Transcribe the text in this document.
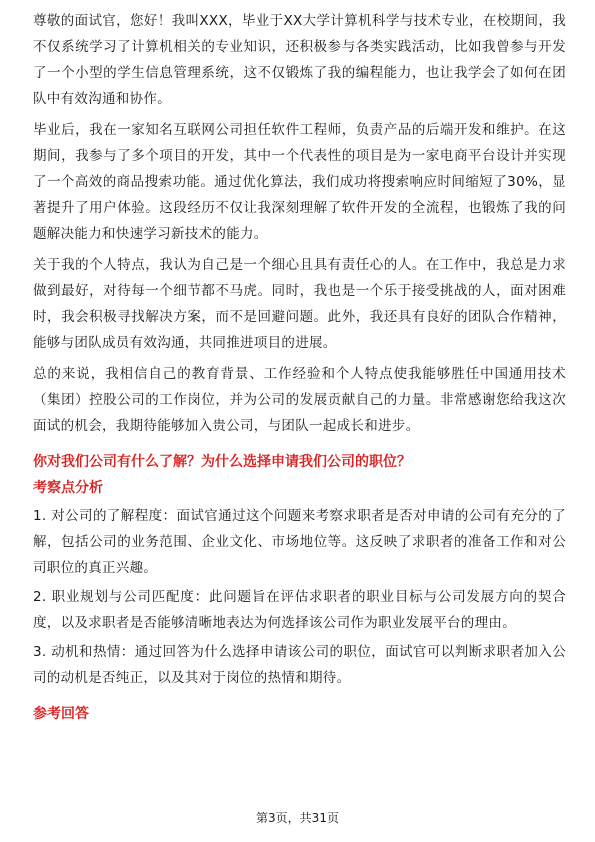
尊敬的面试官，您好！我叫XXX，毕业于XX大学计算机科学与技术专业，在校期间，我不仅系统学习了计算机相关的专业知识，还积极参与各类实践活动，比如我曾参与开发了一个小型的学生信息管理系统，这不仅锻炼了我的编程能力，也让我学会了如何在团队中有效沟通和协作。

毕业后，我在一家知名互联网公司担任软件工程师，负责产品的后端开发和维护。在这期间，我参与了多个项目的开发，其中一个代表性的项目是为一家电商平台设计并实现了一个高效的商品搜索功能。通过优化算法，我们成功将搜索响应时间缩短了30%，显著提升了用户体验。这段经历不仅让我深刻理解了软件开发的全流程，也锻炼了我的问题解决能力和快速学习新技术的能力。

关于我的个人特点，我认为自己是一个细心且具有责任心的人。在工作中，我总是力求做到最好，对待每一个细节都不马虎。同时，我也是一个乐于接受挑战的人，面对困难时，我会积极寻找解决方案，而不是回避问题。此外，我还具有良好的团队合作精神，能够与团队成员有效沟通，共同推进项目的进展。

总的来说，我相信自己的教育背景、工作经验和个人特点使我能够胜任中国通用技术（集团）控股公司的工作岗位，并为公司的发展贡献自己的力量。非常感谢您给我这次面试的机会，我期待能够加入贵公司，与团队一起成长和进步。

你对我们公司有什么了解？为什么选择申请我们公司的职位？
考察点分析

1. 对公司的了解程度：面试官通过这个问题来考察求职者是否对申请的公司有充分的了解，包括公司的业务范围、企业文化、市场地位等。这反映了求职者的准备工作和对公司职位的真正兴趣。

2. 职业规划与公司匹配度：此问题旨在评估求职者的职业目标与公司发展方向的契合度，以及求职者是否能够清晰地表达为何选择该公司作为职业发展平台的理由。

3. 动机和热情：通过回答为什么选择申请该公司的职位，面试官可以判断求职者加入公司的动机是否纯正，以及其对于岗位的热情和期待。

参考回答
第3页，共31页
